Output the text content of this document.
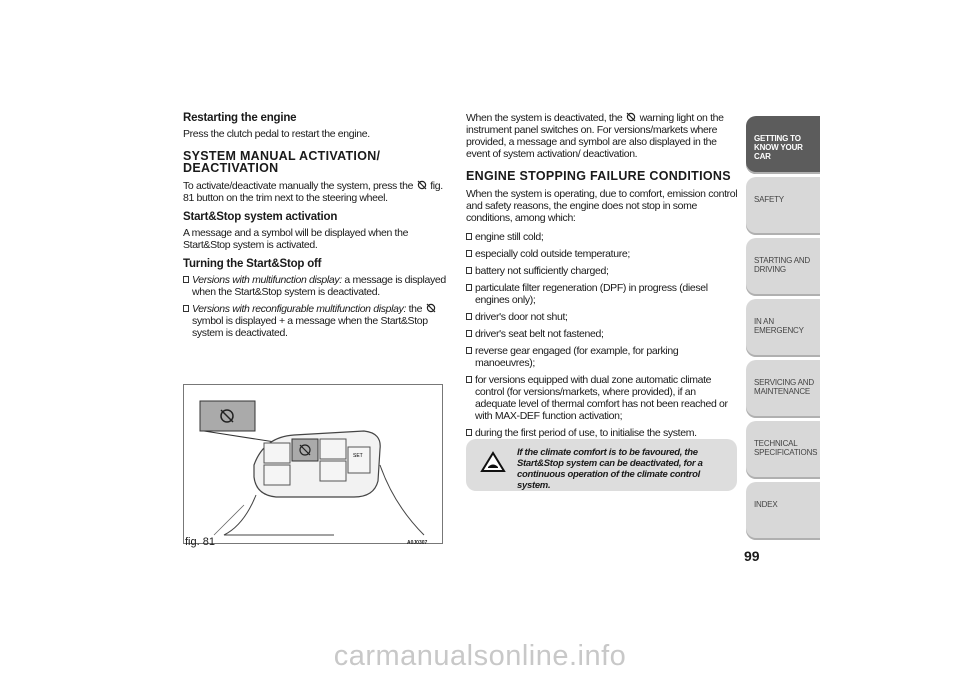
Restarting the engine

Press the clutch pedal to restart the engine.

SYSTEM MANUAL ACTIVATION/ DEACTIVATION

To activate/deactivate manually the system, press the fig. 81 button on the trim next to the steering wheel.

Start&Stop system activation

A message and a symbol will be displayed when the Start&Stop system is activated.

Turning the Start&Stop off
Versions with multifunction display: a message is displayed when the Start&Stop system is deactivated.
Versions with reconfigurable multifunction display: the symbol is displayed + a message when the Start&Stop system is deactivated.
SET
fig. 81	A0J0307

When the system is deactivated, the warning light on the instrument panel switches on. For versions/markets where provided, a message and symbol are also displayed in the event of system activation/ deactivation.

ENGINE STOPPING FAILURE CONDITIONS

When the system is operating, due to comfort, emission control and safety reasons, the engine does not stop in some conditions, among which:

engine still cold;
especially cold outside temperature;
battery not sufficiently charged;
particulate filter regeneration (DPF) in progress (diesel engines only);
driver's door not shut;
driver's seat belt not fastened;
reverse gear engaged (for example, for parking manoeuvres);
for versions equipped with dual zone automatic climate control (for versions/markets, where provided), if an adequate level of thermal comfort has not been reached or with MAX-DEF function activation;
during the first period of use, to initialise the system.
If the climate comfort is to be favoured, the Start&Stop system can be deactivated, for a continuous operation of the climate control system.
GETTING TO KNOW YOUR CAR
SAFETY
STARTING AND DRIVING
IN AN EMERGENCY
SERVICING AND MAINTENANCE
TECHNICAL SPECIFICATIONS
INDEX
99
carmanualsonline.info
